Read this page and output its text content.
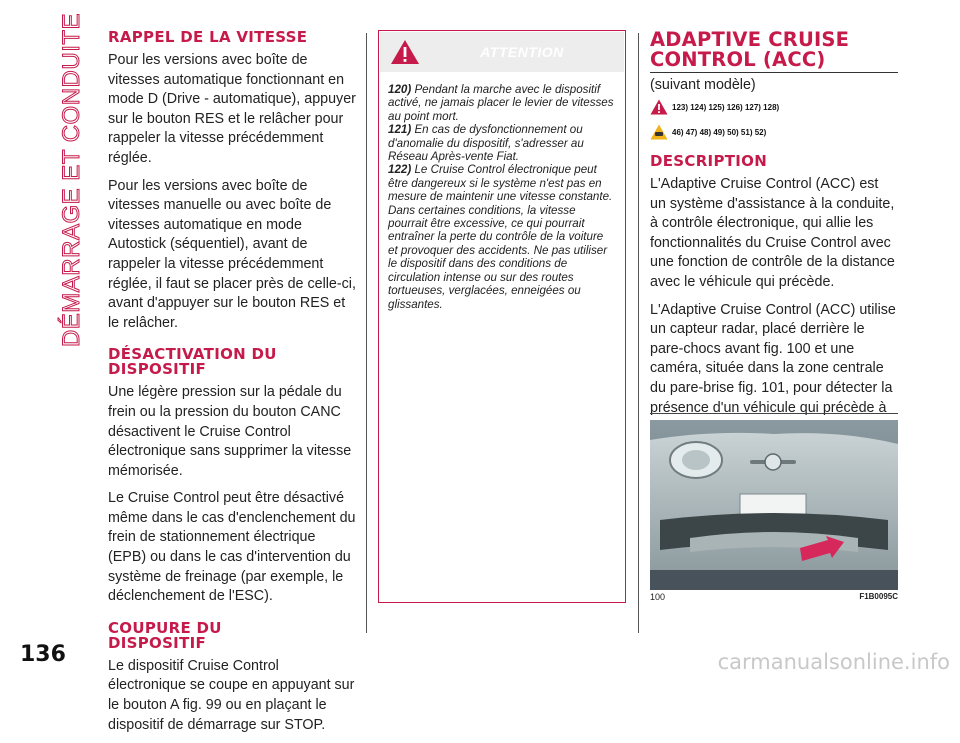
DÉMARRAGE ET CONDUITE RAPPEL DE LA VITESSE

Pour les versions avec boîte de vitesses automatique fonctionnant en mode D (Drive - automatique), appuyer sur le bouton RES et le relâcher pour rappeler la vitesse précédemment réglée.

Pour les versions avec boîte de vitesses manuelle ou avec boîte de vitesses automatique en mode Autostick (séquentiel), avant de rappeler la vitesse précédemment réglée, il faut se placer près de celle-ci, avant d'appuyer sur le bouton RES et le relâcher.

DÉSACTIVATION DU
DISPOSITIF

Une légère pression sur la pédale du frein ou la pression du bouton CANC désactivent le Cruise Control électronique sans supprimer la vitesse mémorisée.

Le Cruise Control peut être désactivé même dans le cas d'enclenchement du frein de stationnement électrique (EPB) ou dans le cas d'intervention du système de freinage (par exemple, le déclenchement de l'ESC).

COUPURE DU
DISPOSITIF

Le dispositif Cruise Control électronique se coupe en appuyant sur le bouton A fig. 99 ou en plaçant le dispositif de démarrage sur STOP.

ATTENTION

120) Pendant la marche avec le dispositif activé, ne jamais placer le levier de vitesses au point mort.

121) En cas de dysfonctionnement ou d'anomalie du dispositif, s'adresser au Réseau Après-vente Fiat.

122) Le Cruise Control électronique peut être dangereux si le système n'est pas en mesure de maintenir une vitesse constante. Dans certaines conditions, la vitesse pourrait être excessive, ce qui pourrait entraîner la perte du contrôle de la voiture et provoquer des accidents. Ne pas utiliser le dispositif dans des conditions de circulation intense ou sur des routes tortueuses, verglacées, enneigées ou glissantes.

ADAPTIVE CRUISE
CONTROL (ACC)
(suivant modèle)
123) 124) 125) 126) 127) 128)
46) 47) 48) 49) 50) 51) 52)
DESCRIPTION

L'Adaptive Cruise Control (ACC) est un système d'assistance à la conduite, à contrôle électronique, qui allie les fonctionnalités du Cruise Control avec une fonction de contrôle de la distance avec le véhicule qui précède.

L'Adaptive Cruise Control (ACC) utilise un capteur radar, placé derrière le pare-chocs avant fig. 100 et une caméra, située dans la zone centrale du pare-brise fig. 101, pour détecter la présence d'un véhicule qui précède à

100	F1B0095C
136	carmanualsonline.info
